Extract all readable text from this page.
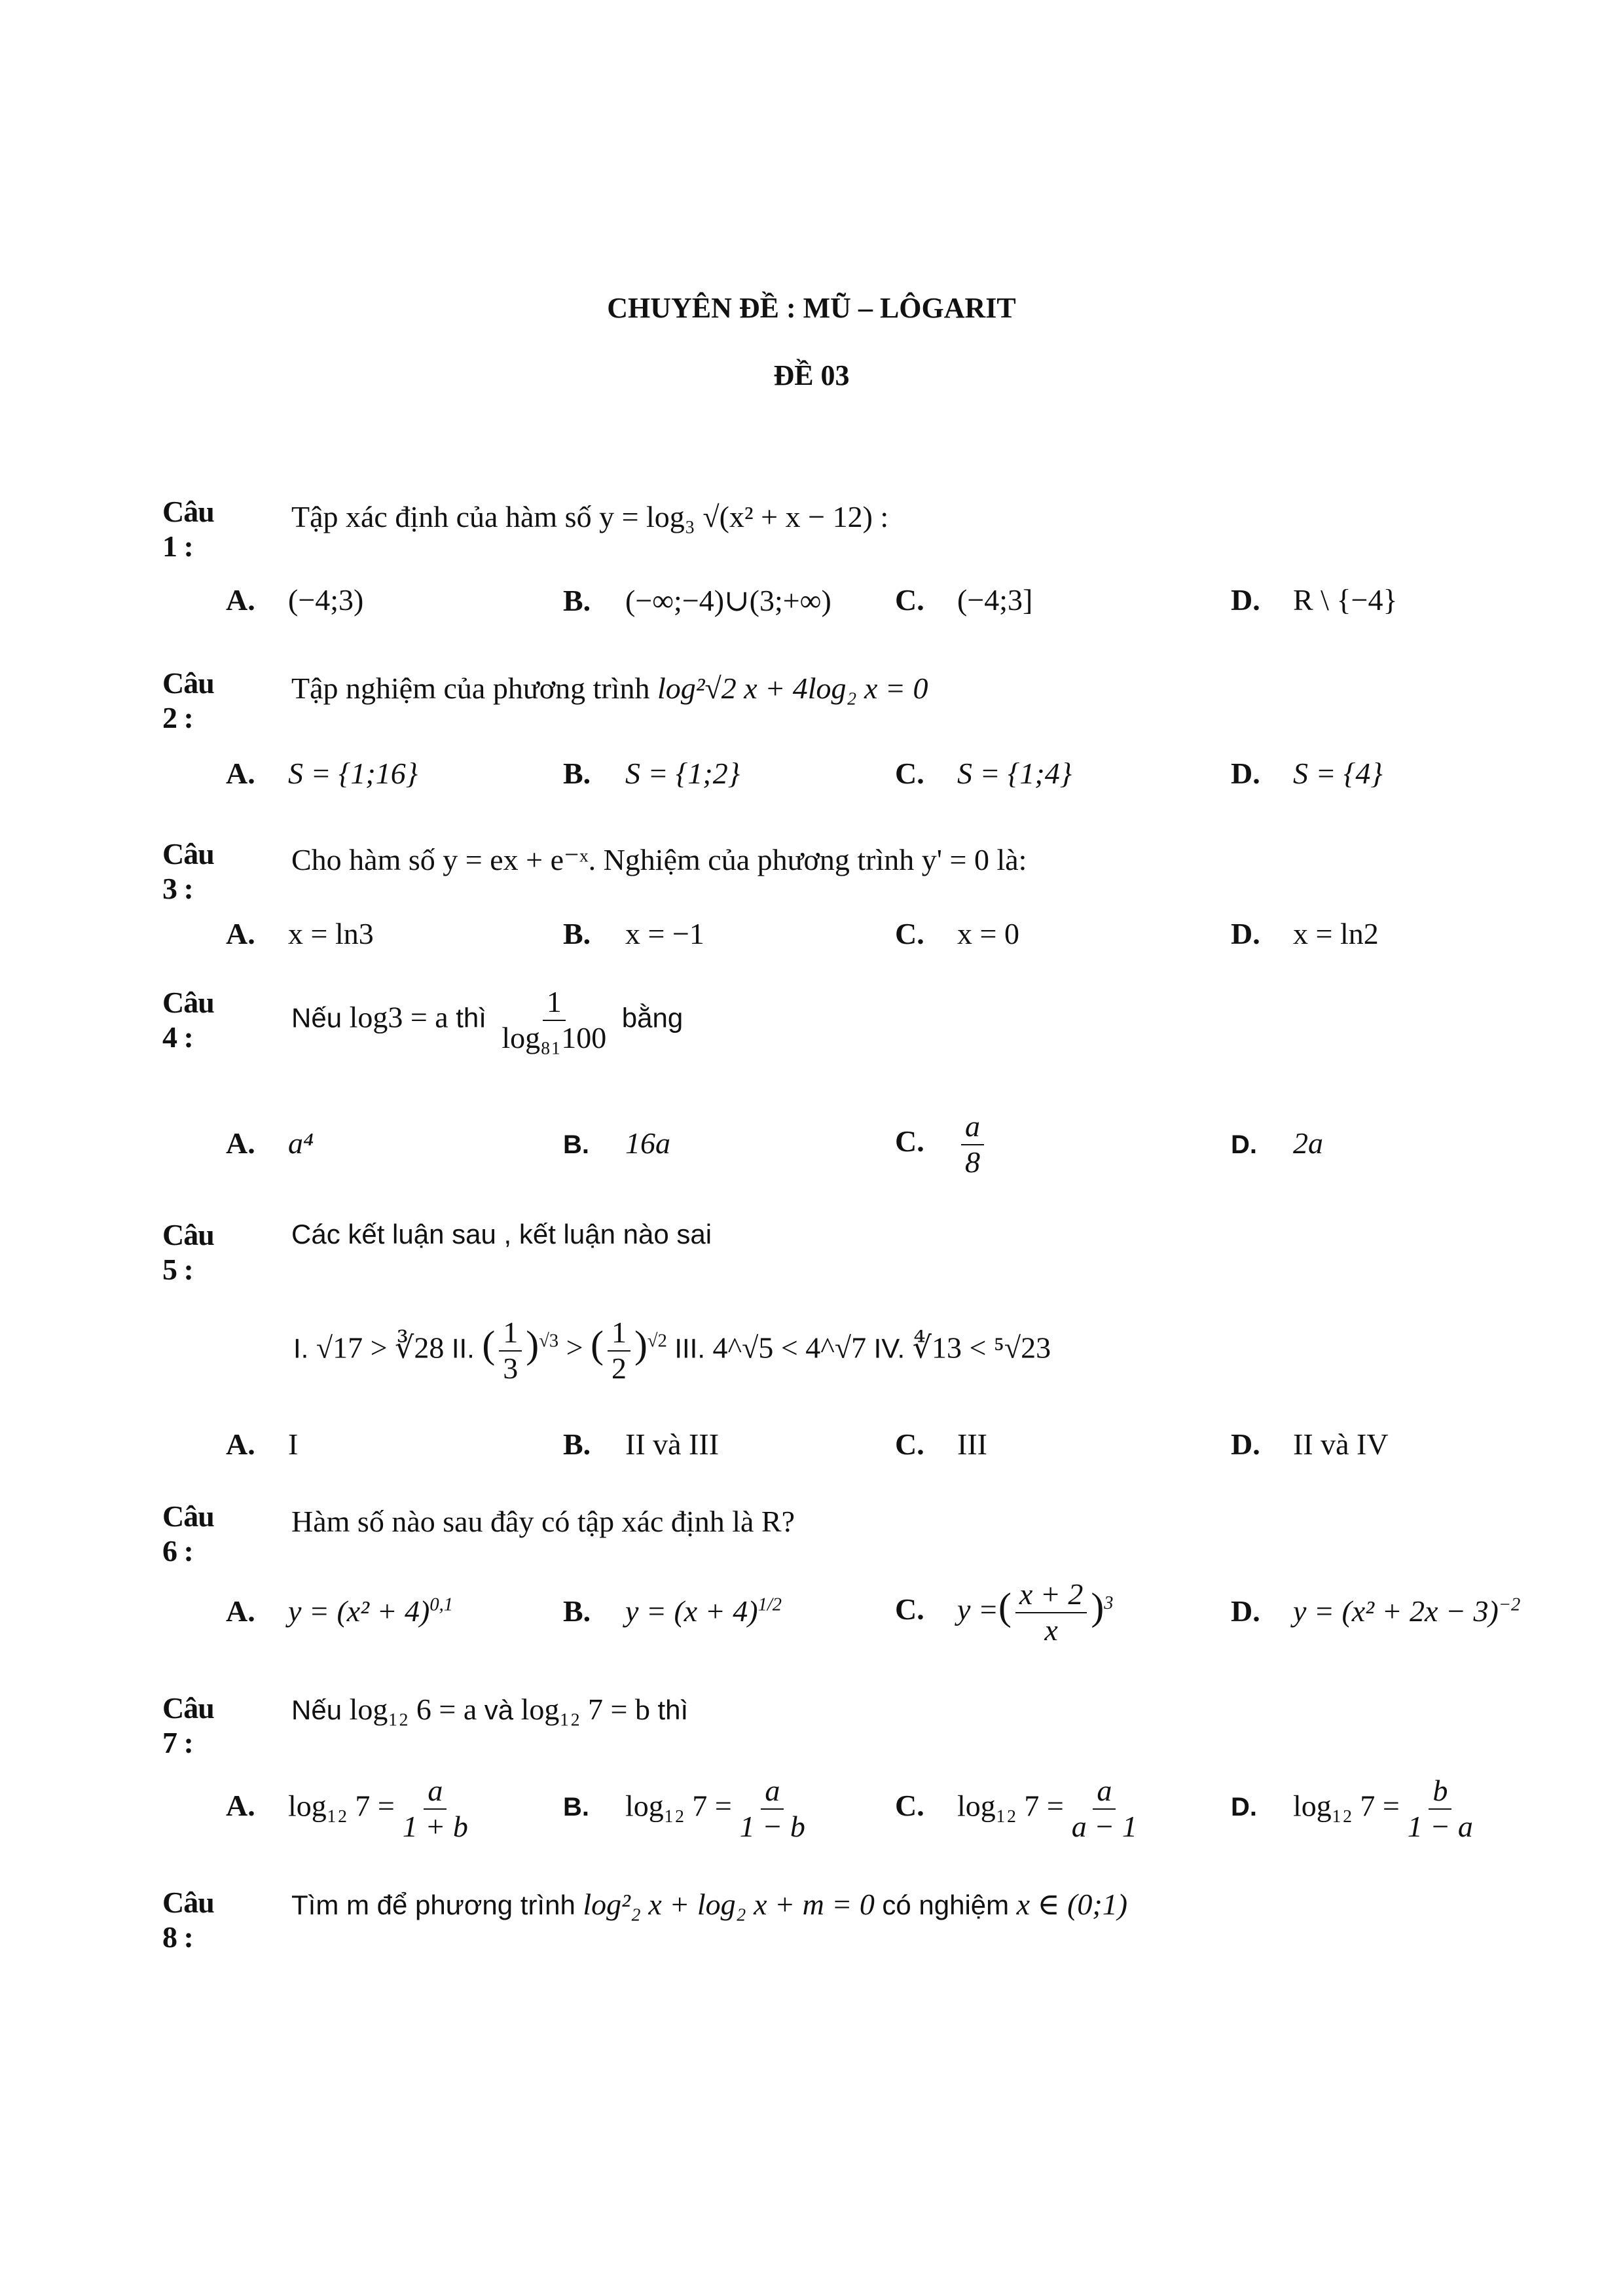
CHUYÊN ĐỀ : MŨ – LÔGARIT
ĐỀ 03
Câu 1 :
Tập xác định của hàm số y = log₃ √(x² + x − 12) :
A. (−4;3)	B. (−∞;−4)∪(3;+∞) C. (−4;3]	D. R \ {−4}
Câu 2 :
Tập nghiệm của phương trình log²√2 x + 4log₂ x = 0
A. S = {1;16}	B. S = {1;2}	C. S = {1;4}	D. S = {4}
Câu 3 :
Cho hàm số y = ex + e⁻ˣ. Nghiệm của phương trình y' = 0 là:
A. x = ln3	B. x = −1	C. x = 0	D. x = ln2
Câu 4 :
Nếu log3 = a thì $\frac{1}{\text{log₈₁100}}$ bằng
A. a⁴	B. 16a	C. $\frac{a}{8}$	D. 2a
Câu 5 :
Các kết luận sau , kết luận nào sai
I. √17 > ∛28 II. ( $\frac{1}{3} )^{√3}$ > ( $\frac{1}{2} )^{√2}$ III. 4^√5 < 4^√7 IV. ∜13 < ⁵√23
A. I	B. II và III	C. III	D. II và IV
Câu 6 :
Hàm số nào sau đây có tập xác định là R?
A. $y = (x^2 + 4)^{0,1}$	B. $y = (x + 4)^{1/2}$	C. y =( $\frac{x + 2}{x} )^3$	D. $y = (x^2 + 2x - 3)^{-2}$
Câu 7 :
Nếu log₁₂ 6 = a và log₁₂ 7 = b thì
A. log₁₂ $7 = \frac{a}{1 + b}$	B. log₁₂ $7 = \frac{a}{1 - b}$	C. log₁₂ $7 = \frac{a}{a - 1}$	D. log₁₂ $7 = \frac{b}{1 - a}$
Câu 8 :
Tìm m để phương trình log²₂ x + log₂ x + m = 0 có nghiệm x ∈ (0;1)
